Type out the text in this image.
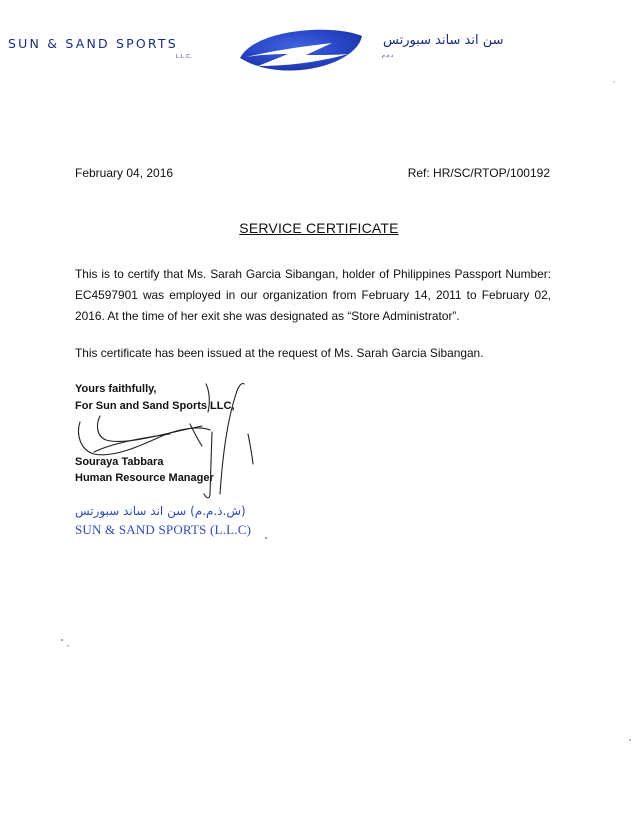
SUN & SAND SPORTS
L.L.C.
سن اند ساند سبورتس
ذ.م.م
February 04, 2016	Ref: HR/SC/RTOP/100192
SERVICE CERTIFICATE
This is to certify that Ms. Sarah Garcia Sibangan, holder of Philippines Passport Number: EC4597901 was employed in our organization from February 14, 2011 to February 02, 2016. At the time of her exit she was designated as “Store Administrator”.
This certificate has been issued at the request of Ms. Sarah Garcia Sibangan.
Yours faithfully,
For Sun and Sand Sports LLC,
Souraya Tabbara
Human Resource Manager
(ش.ذ.م.م) سن اند ساند سبورتس
SUN & SAND SPORTS (L.L.C)
